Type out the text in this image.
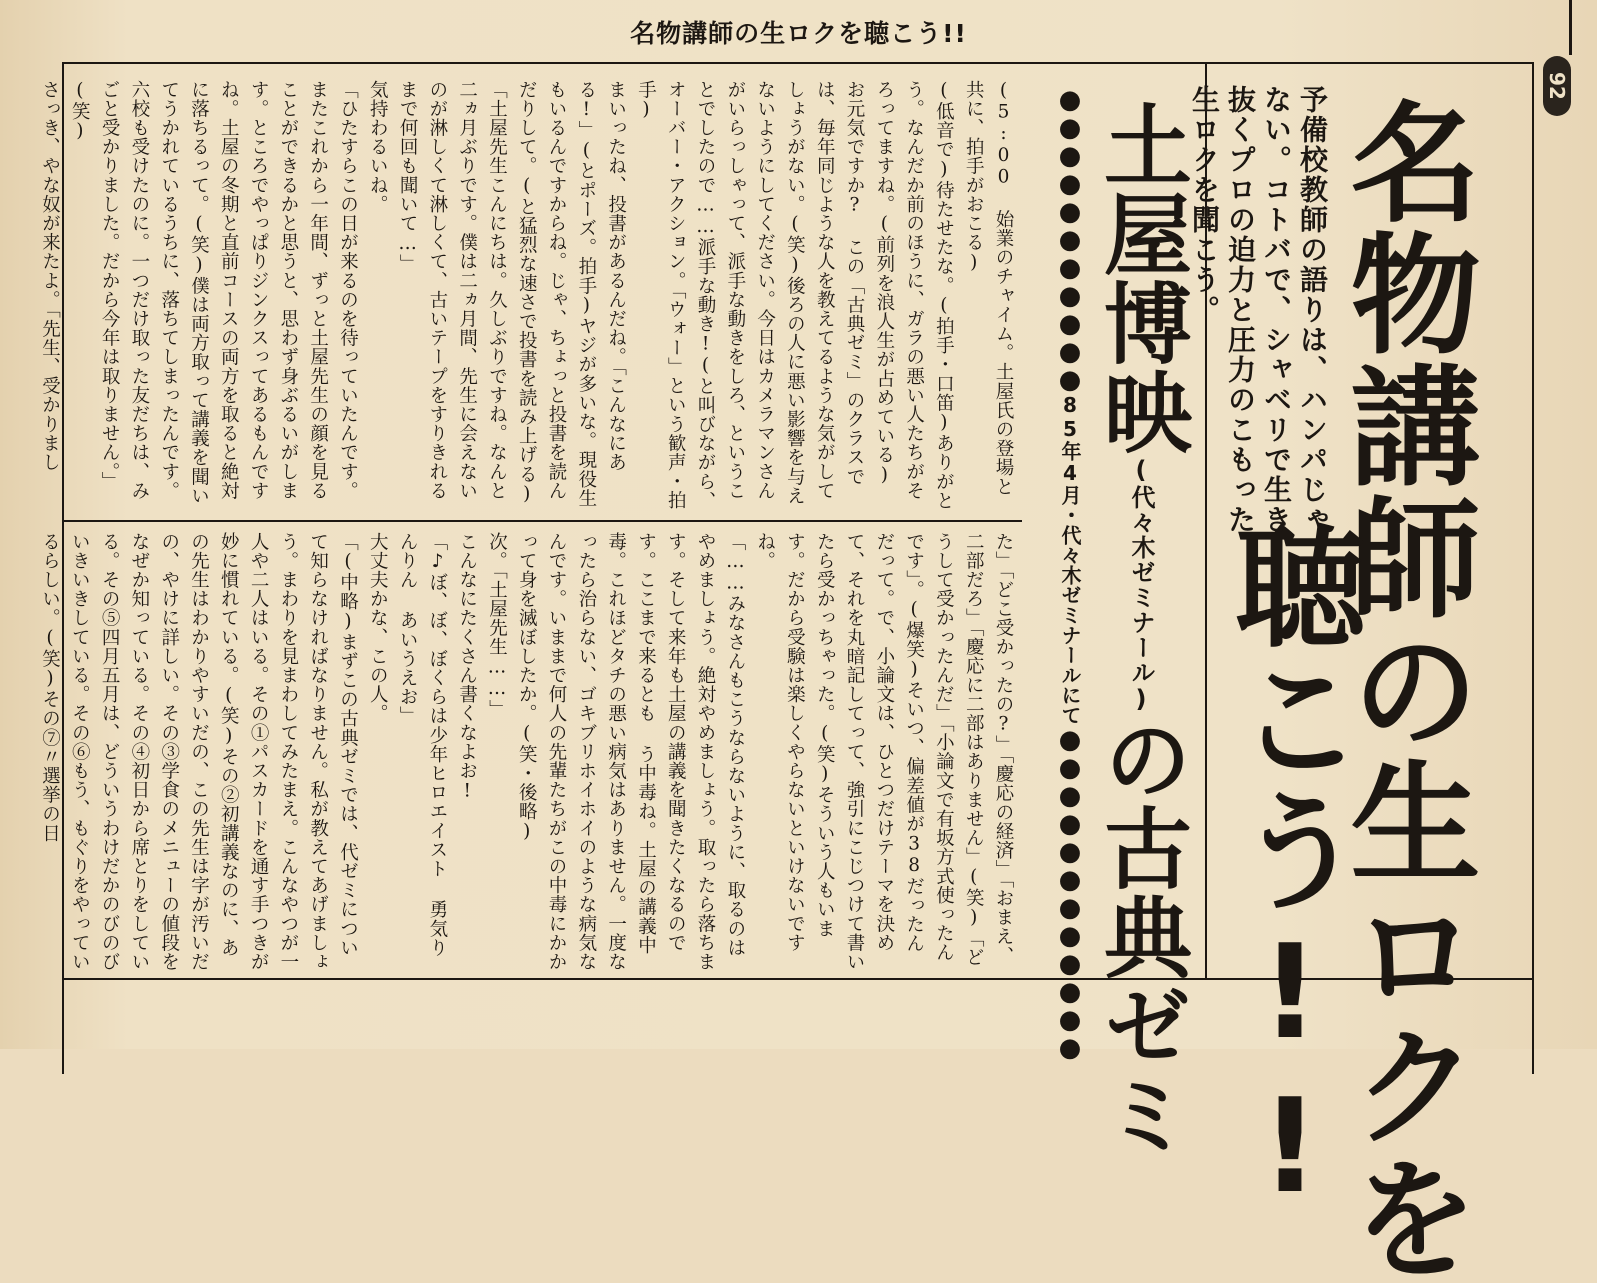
名物講師の生ロクを聴こう!!
92
名物講師の生ロクを
聴こう!!
予備校教師の語りは、ハンパじゃない。コトバで、シャベリで生き抜くプロの迫力と圧力のこもった生ロクを聞こう。
土屋博映(代々木ゼミナール)の古典ゼミ
●●●●●●●●●●●85年4月・代々木ゼミナールにて●●●●●●●●●●●●

(5:00 始業のチャイム。土屋氏の登場と共に、拍手がおこる)

(低音で)待たせたな。(拍手・口笛)ありがとう。なんだか前のほうに、ガラの悪い人たちがそろってますね。(前列を浪人生が占めている)

お元気ですか? この「古典ゼミ」のクラスでは、毎年同じような人を教えてるような気がしてしょうがない。(笑)後ろの人に悪い影響を与えないようにしてください。今日はカメラマンさんがいらっしゃって、派手な動きをしろ、ということでしたので……派手な動き!(と叫びながら、オーバー・アクション。「ウォー」という歓声・拍手)

まいったね、投書があるんだね。「こんなにある!」(とポーズ。拍手)ヤジが多いな。現役生もいるんですからね。じゃ、ちょっと投書を読んだりして。(と猛烈な速さで投書を読み上げる)

「土屋先生こんにちは。久しぶりですね。なんと二ヵ月ぶりです。僕は二ヵ月間、先生に会えないのが淋しくて淋しくて、古いテープをすりきれるまで何回も聞いて…」

気持わるいね。

「ひたすらこの日が来るのを待っていたんです。またこれから一年間、ずっと土屋先生の顔を見ることができるかと思うと、思わず身ぶるいがします。ところでやっぱりジンクスってあるもんですね。土屋の冬期と直前コースの両方を取ると絶対に落ちるって。(笑)僕は両方取って講義を聞いてうかれているうちに、落ちてしまったんです。六校も受けたのに。一つだけ取った友だちは、みごと受かりました。だから今年は取りません。」

(笑)

さっき、やな奴が来たよ。「先生、受かりまし

た」「どこ受かったの?」「慶応の経済」「おまえ、二部だろ」「慶応に二部はありません」(笑)「どうして受かったんだ」「小論文で有坂方式使ったんです」。(爆笑)そいつ、偏差値が38だったんだって。で、小論文は、ひとつだけテーマを決めて、それを丸暗記してって、強引にこじつけて書いたら受かっちゃった。(笑)そういう人もいます。だから受験は楽しくやらないといけないですね。

「……みなさんもこうならないように、取るのはやめましょう。絶対やめましょう。取ったら落ちます。そして来年も土屋の講義を聞きたくなるのです。ここまで来るとも う中毒ね。土屋の講義中毒。これほどタチの悪い病気はありません。一度なったら治らない、ゴキブリホイホイのような病気なんです。いままで何人の先輩たちがこの中毒にかかって身を滅ぼしたか。(笑・後略)

次。「土屋先生……」

こんなにたくさん書くなよお!

「♪ぼ、ぼ、ぼくらは少年ヒロエイスト 勇気りんりん あいうえお」

大丈夫かな、この人。

「(中略)まずこの古典ゼミでは、代ゼミについて知らなければなりません。私が教えてあげましょう。まわりを見まわしてみたまえ。こんなやつが一人や二人はいる。その①パスカードを通す手つきが妙に慣れている。(笑)その②初講義なのに、あの先生はわかりやすいだの、この先生は字が汚いだの、やけに詳しい。その③学食のメニューの値段をなぜか知っている。その④初日から席とりをしている。その⑤四月五月は、どういうわけだかのびのびいきいきしている。その⑥もう、もぐりをやっているらしい。(笑)その⑦〃選挙の日
